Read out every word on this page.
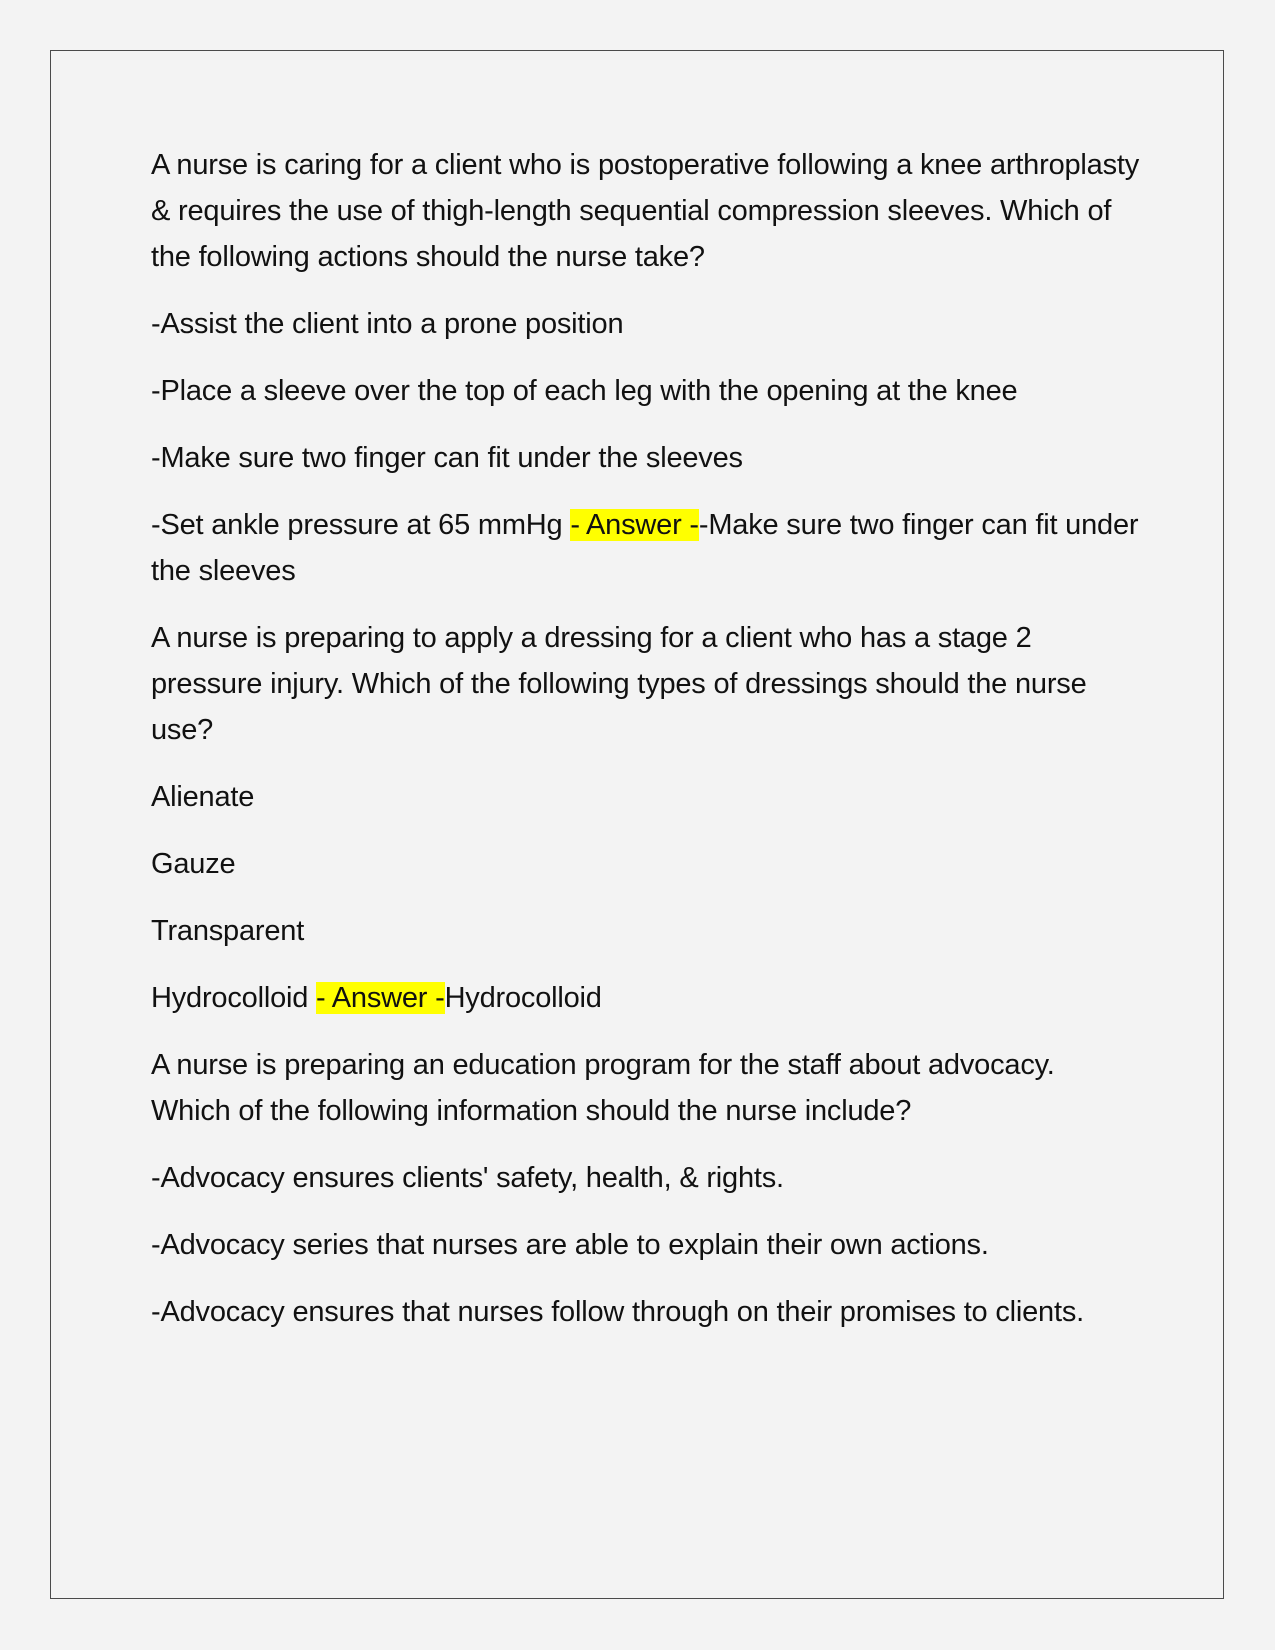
A nurse is caring for a client who is postoperative following a knee arthroplasty & requires the use of thigh-length sequential compression sleeves. Which of the following actions should the nurse take?

-Assist the client into a prone position

-Place a sleeve over the top of each leg with the opening at the knee

-Make sure two finger can fit under the sleeves

-Set ankle pressure at 65 mmHg - Answer --Make sure two finger can fit under the sleeves

A nurse is preparing to apply a dressing for a client who has a stage 2 pressure injury. Which of the following types of dressings should the nurse use?

Alienate

Gauze

Transparent

Hydrocolloid - Answer -Hydrocolloid

A nurse is preparing an education program for the staff about advocacy. Which of the following information should the nurse include?

-Advocacy ensures clients' safety, health, & rights.

-Advocacy series that nurses are able to explain their own actions.

-Advocacy ensures that nurses follow through on their promises to clients.
